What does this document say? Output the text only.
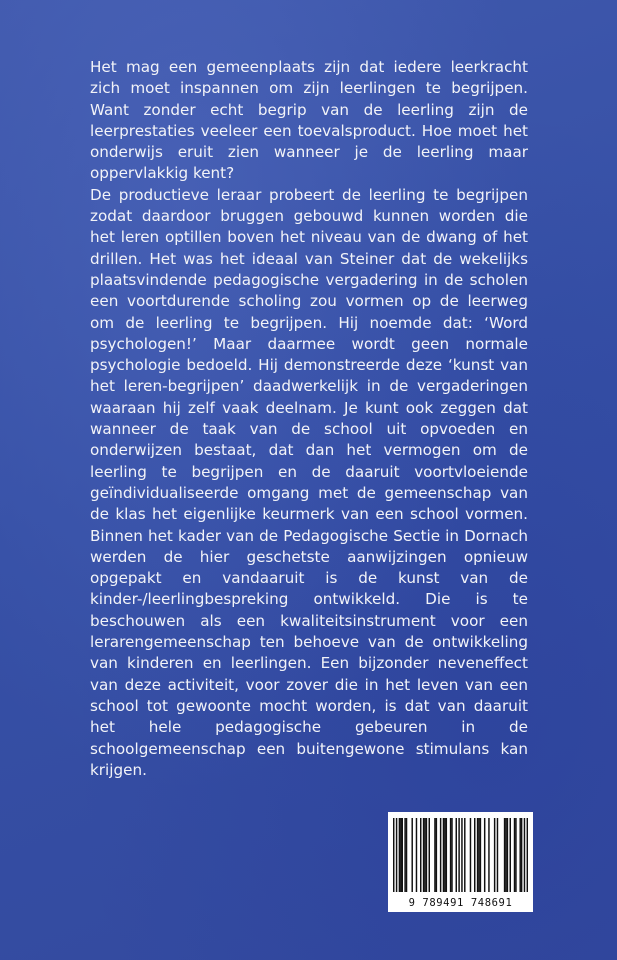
Het mag een gemeenplaats zijn dat iedere leerkracht zich moet inspannen om zijn leerlingen te begrijpen. Want zonder echt begrip van de leerling zijn de leerprestaties veeleer een toevalsproduct. Hoe moet het onderwijs eruit zien wanneer je de leerling maar oppervlakkig kent?

De productieve leraar probeert de leerling te begrijpen zodat daardoor bruggen gebouwd kunnen worden die het leren optillen boven het niveau van de dwang of het drillen. Het was het ideaal van Steiner dat de wekelijks plaatsvindende pedagogische vergadering in de scholen een voortdurende scholing zou vormen op de leerweg om de leerling te begrijpen. Hij noemde dat: ‘Word psychologen!’ Maar daarmee wordt geen normale psychologie bedoeld. Hij demonstreerde deze ‘kunst van het leren-begrijpen’ daadwerkelijk in de vergaderingen waaraan hij zelf vaak deelnam. Je kunt ook zeggen dat wanneer de taak van de school uit opvoeden en onderwijzen bestaat, dat dan het vermogen om de leerling te begrijpen en de daaruit voortvloeiende geïndividualiseerde omgang met de gemeenschap van de klas het eigenlijke keurmerk van een school vormen. Binnen het kader van de Pedagogische Sectie in Dornach werden de hier geschetste aanwijzingen opnieuw opgepakt en vandaaruit is de kunst van de kinder-/leerlingbespreking ontwikkeld. Die is te beschouwen als een kwaliteitsinstrument voor een lerarengemeenschap ten behoeve van de ontwikkeling van kinderen en leerlingen. Een bijzonder neveneffect van deze activiteit, voor zover die in het leven van een school tot gewoonte mocht worden, is dat van daaruit het hele pedagogische gebeuren in de schoolgemeenschap een buitengewone stimulans kan krijgen.

9 789491 748691
